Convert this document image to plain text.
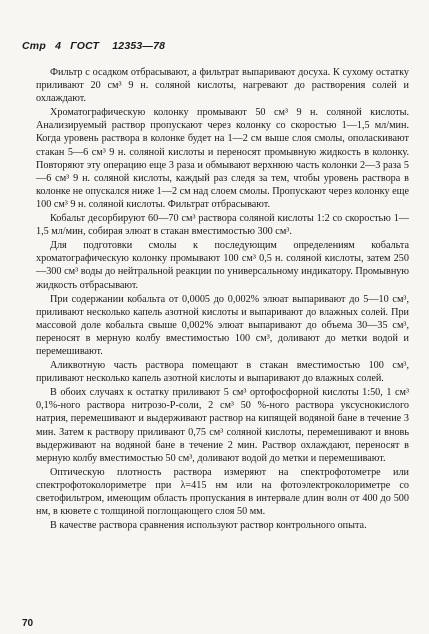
Стр 4 ГОСТ 12353—78

Фильтр с осадком отбрасывают, а фильтрат выпаривают досуха. К сухому остатку приливают 20 см³ 9 н. соляной кислоты, нагревают до растворения солей и охлаждают.

Хроматографическую колонку промывают 50 см³ 9 н. соляной кислоты. Анализируемый раствор пропускают через колонку со скоростью 1—1,5 мл/мин. Когда уровень раствора в колонке будет на 1—2 см выше слоя смолы, ополаскивают стакан 5—6 см³ 9 н. соляной кислоты и переносят промывную жидкость в колонку. Повторяют эту операцию еще 3 раза и обмывают верхнюю часть колонки 2—3 раза 5—6 см³ 9 н. соляной кислоты, каждый раз следя за тем, чтобы уровень раствора в колонке не опускался ниже 1—2 см над слоем смолы. Пропускают через колонку еще 100 см³ 9 н. соляной кислоты. Фильтрат отбрасывают.

Кобальт десорбируют 60—70 см³ раствора соляной кислоты 1:2 со скоростью 1—1,5 мл/мин, собирая элюат в стакан вместимостью 300 см³.

Для подготовки смолы к последующим определениям кобальта хроматографическую колонку промывают 100 см³ 0,5 н. соляной кислоты, затем 250—300 см³ воды до нейтральной реакции по универсальному индикатору. Промывную жидкость отбрасывают.

При содержании кобальта от 0,0005 до 0,002% элюат выпаривают до 5—10 см³, приливают несколько капель азотной кислоты и выпаривают до влажных солей. При массовой доле кобальта свыше 0,002% элюат выпаривают до объема 30—35 см³, переносят в мерную колбу вместимостью 100 см³, доливают до метки водой и перемешивают.

Аликвотную часть раствора помещают в стакан вместимостью 100 см³, приливают несколько капель азотной кислоты и выпаривают до влажных солей.

В обоих случаях к остатку приливают 5 см³ ортофосфорной кислоты 1:50, 1 см³ 0,1%-ного раствора нитрозо-Р-соли, 2 см³ 50 %-ного раствора уксуснокислого натрия, перемешивают и выдерживают раствор на кипящей водяной бане в течение 3 мин. Затем к раствору приливают 0,75 см³ соляной кислоты, перемешивают и вновь выдерживают на водяной бане в течение 2 мин. Раствор охлаждают, переносят в мерную колбу вместимостью 50 см³, доливают водой до метки и перемешивают.

Оптическую плотность раствора измеряют на спектрофотометре или спектрофотоколориметре при λ=415 нм или на фотоэлектроколориметре со светофильтром, имеющим область пропускания в интервале длин волн от 400 до 500 нм, в кювете с толщиной поглощающего слоя 50 мм.

В качестве раствора сравнения используют раствор контрольного опыта.

70
